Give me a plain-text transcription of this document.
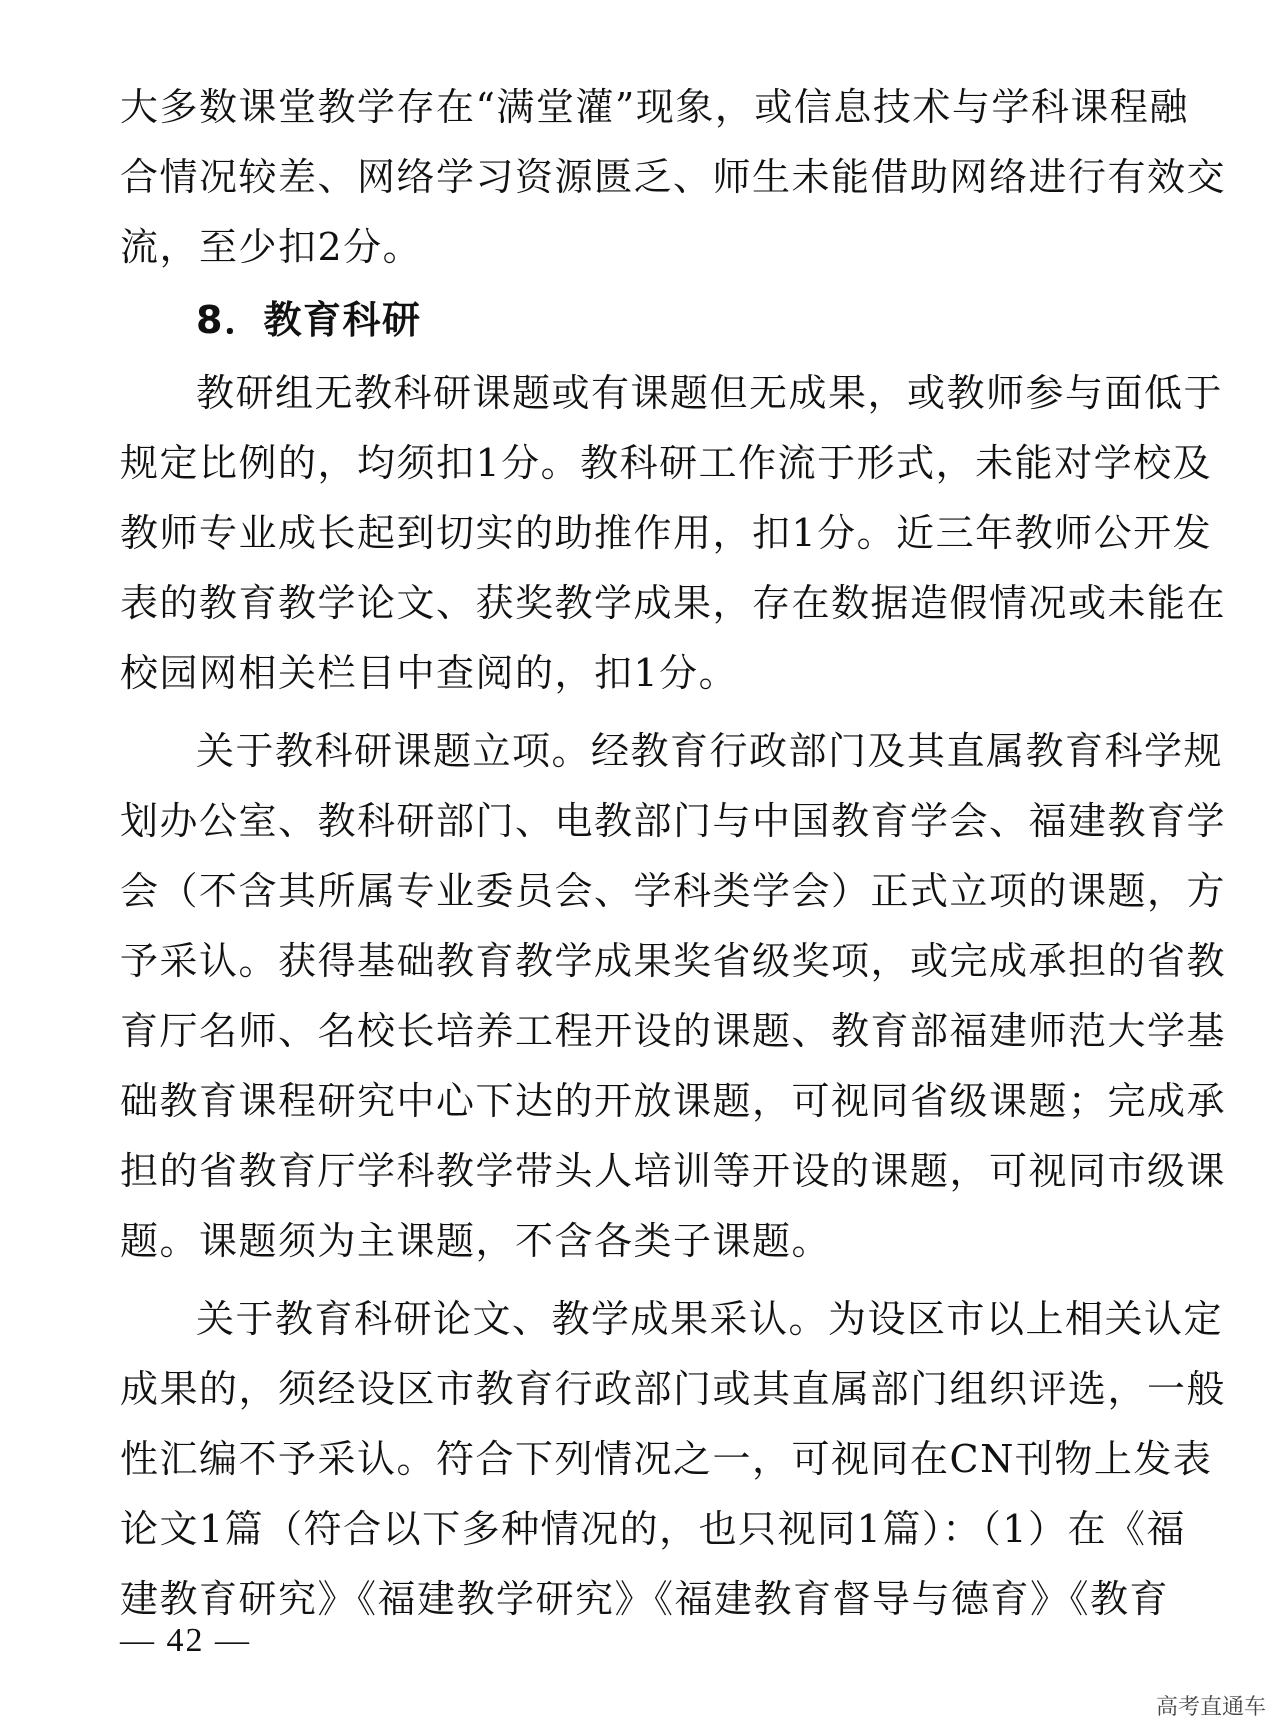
大多数课堂教学存在“满堂灌”现象，或信息技术与学科课程融
合情况较差、网络学习资源匮乏、师生未能借助网络进行有效交
流，至少扣2分。
8．教育科研
教研组无教科研课题或有课题但无成果，或教师参与面低于
规定比例的，均须扣1分。教科研工作流于形式，未能对学校及
教师专业成长起到切实的助推作用，扣1分。近三年教师公开发
表的教育教学论文、获奖教学成果，存在数据造假情况或未能在
校园网相关栏目中查阅的，扣1分。
关于教科研课题立项。经教育行政部门及其直属教育科学规
划办公室、教科研部门、电教部门与中国教育学会、福建教育学
会（不含其所属专业委员会、学科类学会）正式立项的课题，方
予采认。获得基础教育教学成果奖省级奖项，或完成承担的省教
育厅名师、名校长培养工程开设的课题、教育部福建师范大学基
础教育课程研究中心下达的开放课题，可视同省级课题；完成承
担的省教育厅学科教学带头人培训等开设的课题，可视同市级课
题。课题须为主课题，不含各类子课题。
关于教育科研论文、教学成果采认。为设区市以上相关认定
成果的，须经设区市教育行政部门或其直属部门组织评选，一般
性汇编不予采认。符合下列情况之一，可视同在CN刊物上发表
论文1篇（符合以下多种情况的，也只视同1篇）：（1）在《福
建教育研究》《福建教学研究》《福建教育督导与德育》《教育
— 42 —
高考直通车
